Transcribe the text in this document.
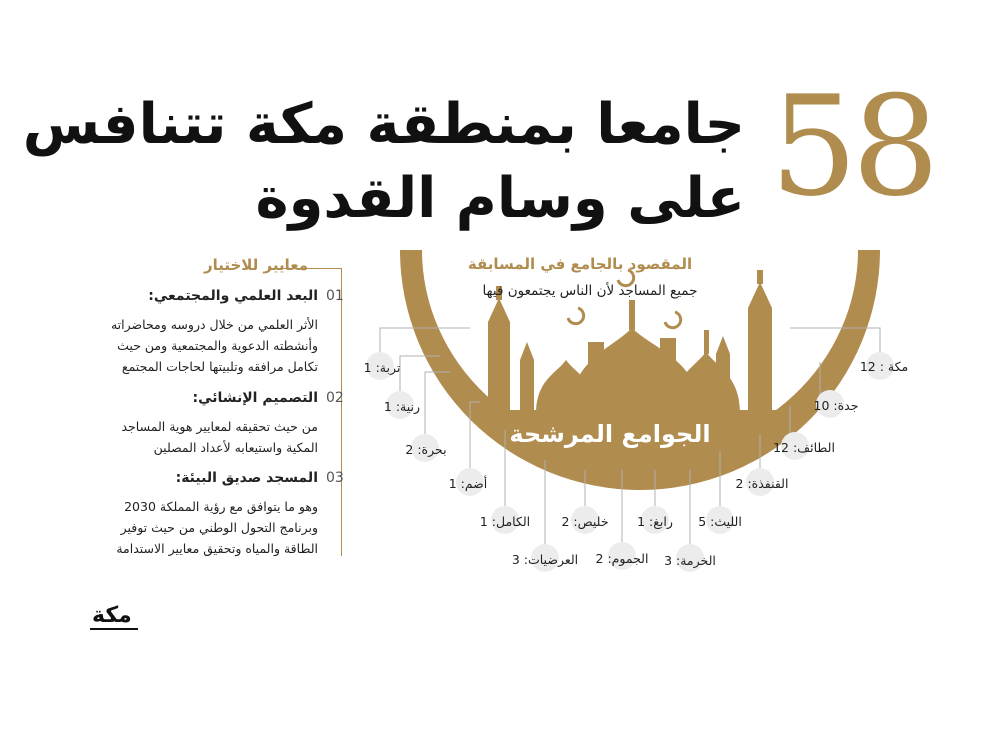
58
جامعا بمنطقة مكة تتنافس
على وسام القدوة
الجوامع المرشحة
المقصود بالجامع في المسابقة
جميع المساجد لأن الناس يجتمعون فيها
مكة : 12
جدة: 10
الطائف: 12
القنفذة: 2
الليث: 5
الخرمة: 3
رابغ: 1
الجموم: 2
خليص: 2
العرضيات: 3
الكامل: 1
أضم: 1
بحرة: 2
رنية: 1
تربة: 1
معايير للاختيار
01
البعد العلمي والمجتمعي:
الأثر العلمي من خلال دروسه ومحاضراته وأنشطته الدعوية والمجتمعية ومن حيث تكامل مرافقه وتلبيتها لحاجات المجتمع
02
التصميم الإنشائي:
من حيث تحقيقه لمعايير هوية المساجد المكية واستيعابه لأعداد المصلين
03
المسجد صديق البيئة:
وهو ما يتوافق مع رؤية المملكة 2030 وبرنامج التحول الوطني من حيث توفير الطاقة والمياه وتحقيق معايير الاستدامة
مكة
